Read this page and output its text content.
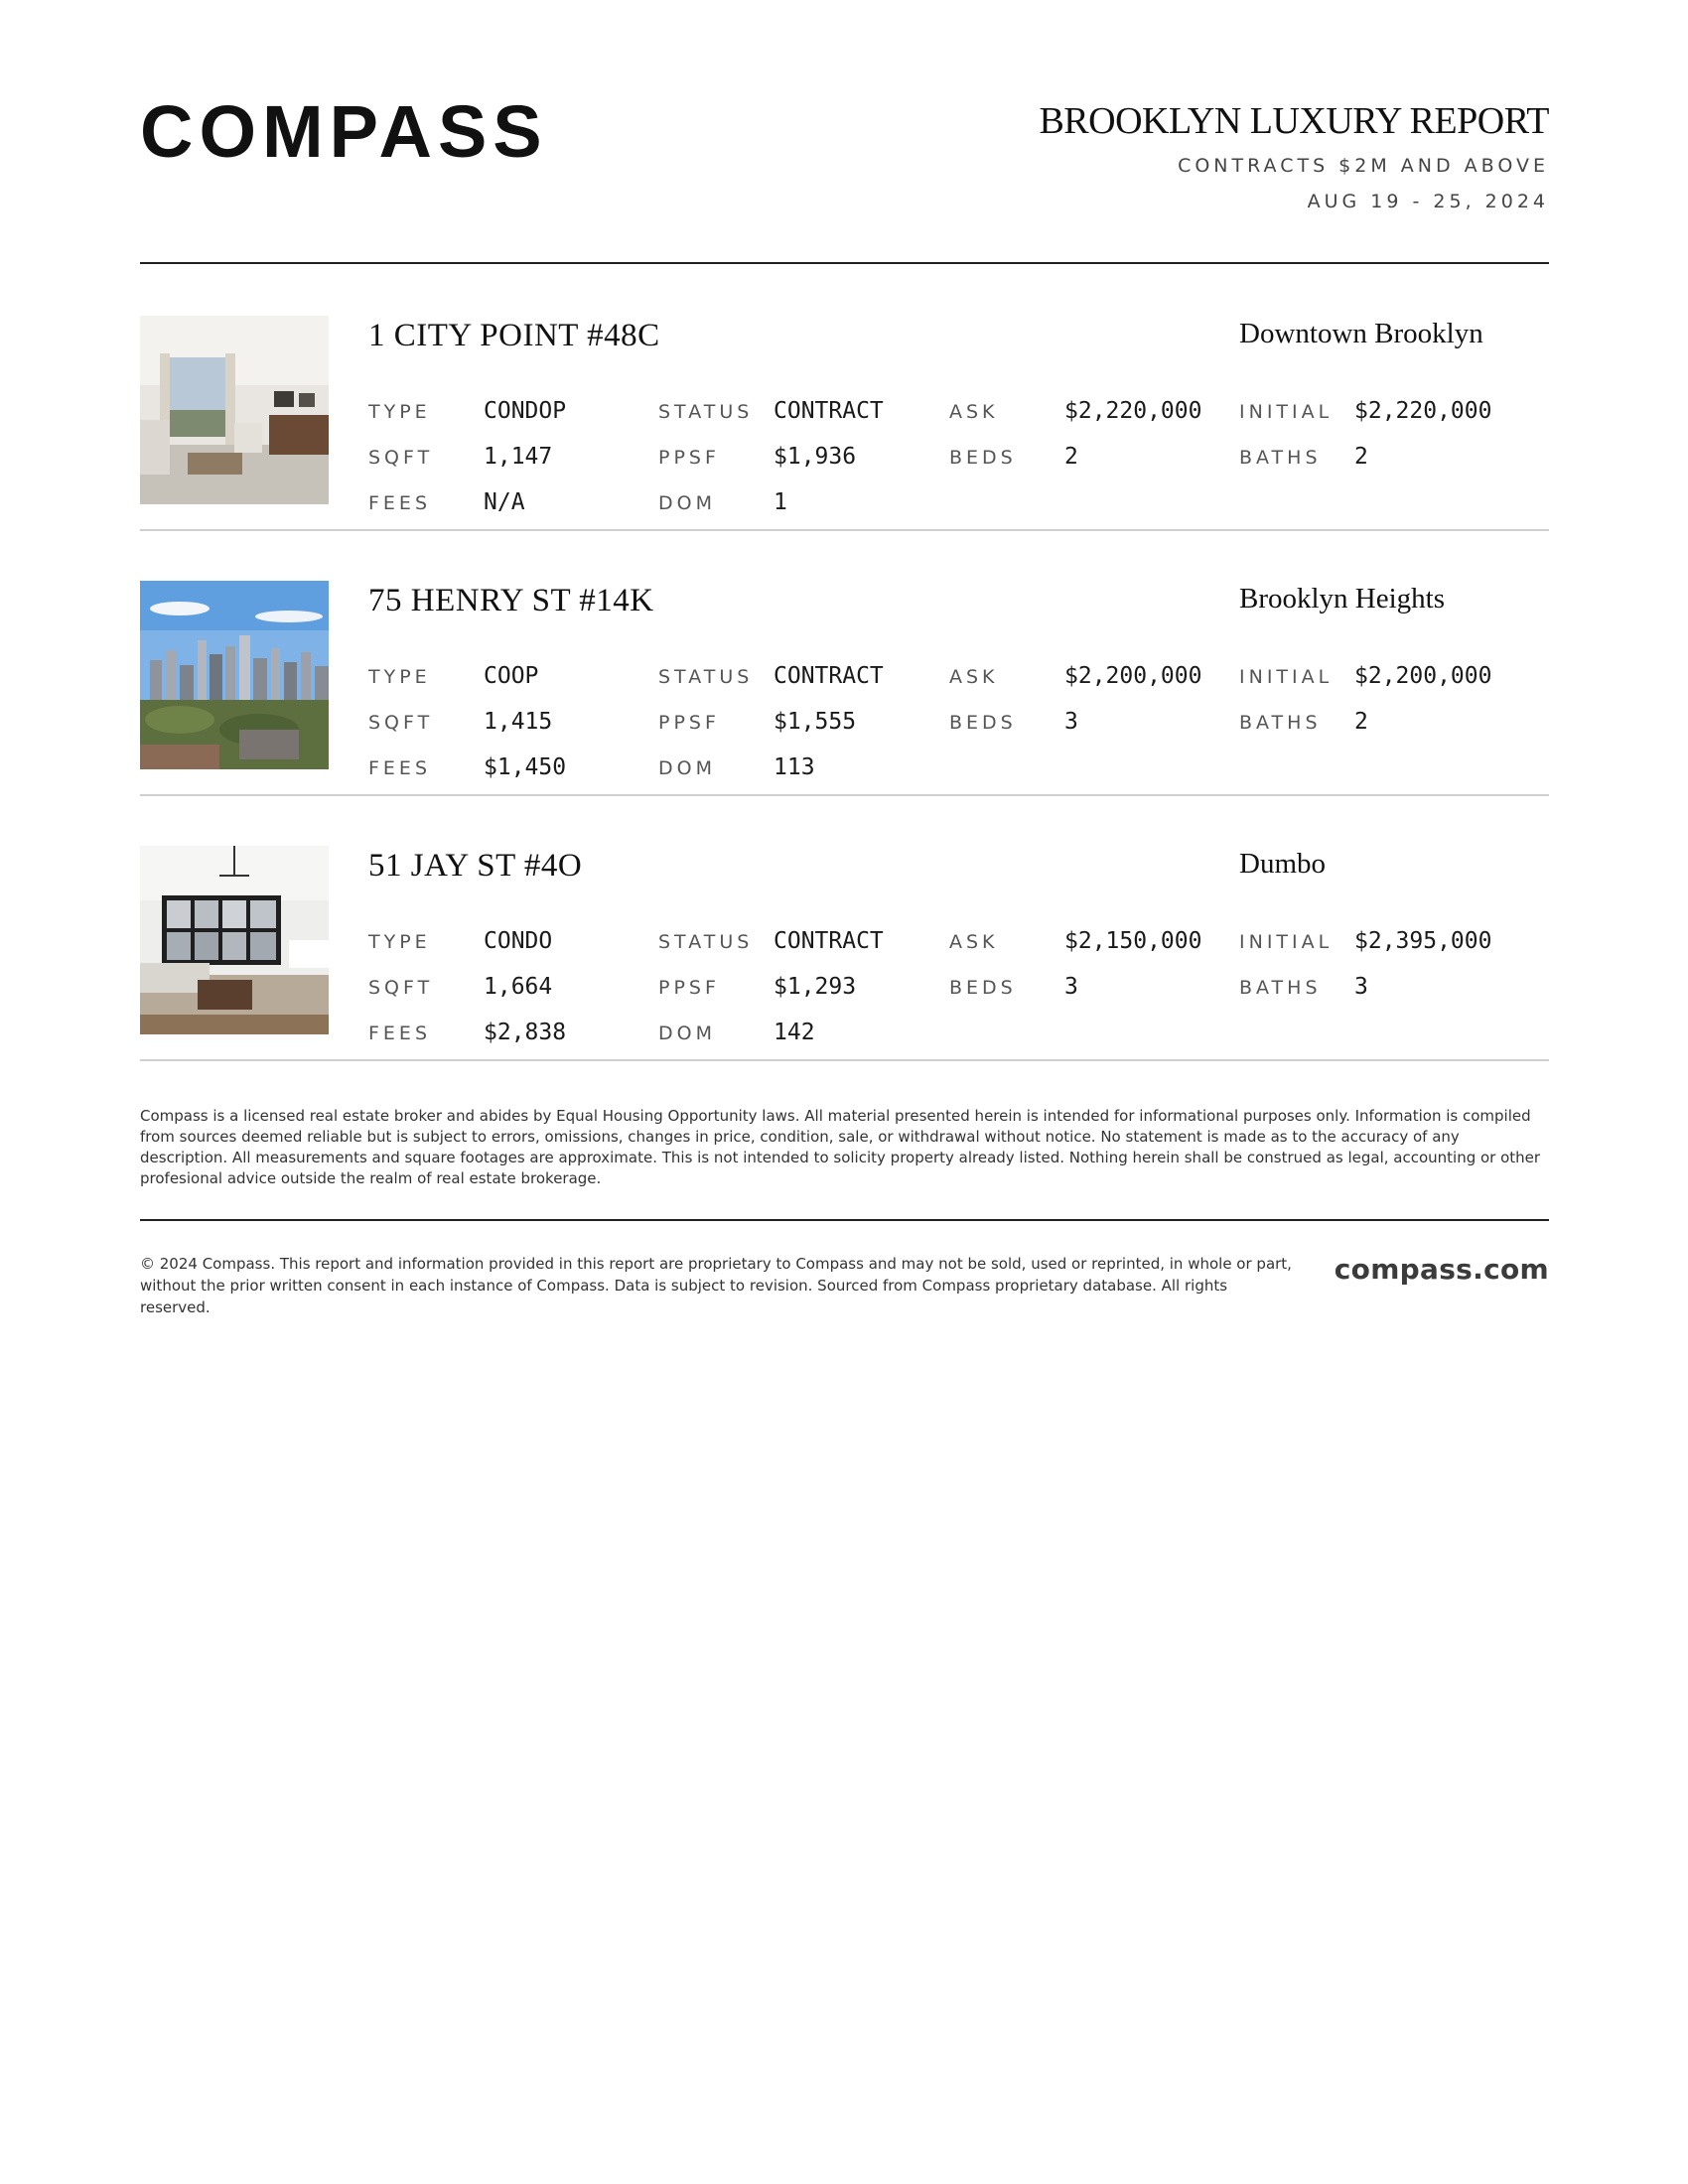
COMPASS	BROOKLYN LUXURY REPORT
CONTRACTS $2M AND ABOVE
AUG 19 - 25, 2024
1 CITY POINT #48C	Downtown Brooklyn
TYPE CONDOP	STATUS CONTRACT	ASK	$2,220,000 INITIAL $2,220,000
SQFT 1,147	PPSF $1,936	BEDS 2	BATHS 2
FEES N/A	DOM	1
75 HENRY ST #14K	Brooklyn Heights
TYPE COOP	STATUS CONTRACT	ASK	$2,200,000 INITIAL $2,200,000
SQFT 1,415	PPSF $1,555	BEDS 3	BATHS 2
FEES $1,450	DOM	113
51 JAY ST #4O	Dumbo
TYPE CONDO	STATUS CONTRACT	ASK	$2,150,000 INITIAL $2,395,000
SQFT 1,664	PPSF $1,293	BEDS 3	BATHS 3
FEES $2,838	DOM	142
Compass is a licensed real estate broker and abides by Equal Housing Opportunity laws. All material presented herein is intended for informational purposes only. Information is compiled from sources deemed reliable but is subject to errors, omissions, changes in price, condition, sale, or withdrawal without notice. No statement is made as to the accuracy of any description. All measurements and square footages are approximate. This is not intended to solicity property already listed. Nothing herein shall be construed as legal, accounting or other profesional advice outside the realm of real estate brokerage.
© 2024 Compass. This report and information provided in this report are proprietary to Compass and may not be sold, used or reprinted, in whole or part, without the prior written consent in each instance of Compass. Data is subject to revision. Sourced from Compass proprietary database. All rights reserved.
compass.com
